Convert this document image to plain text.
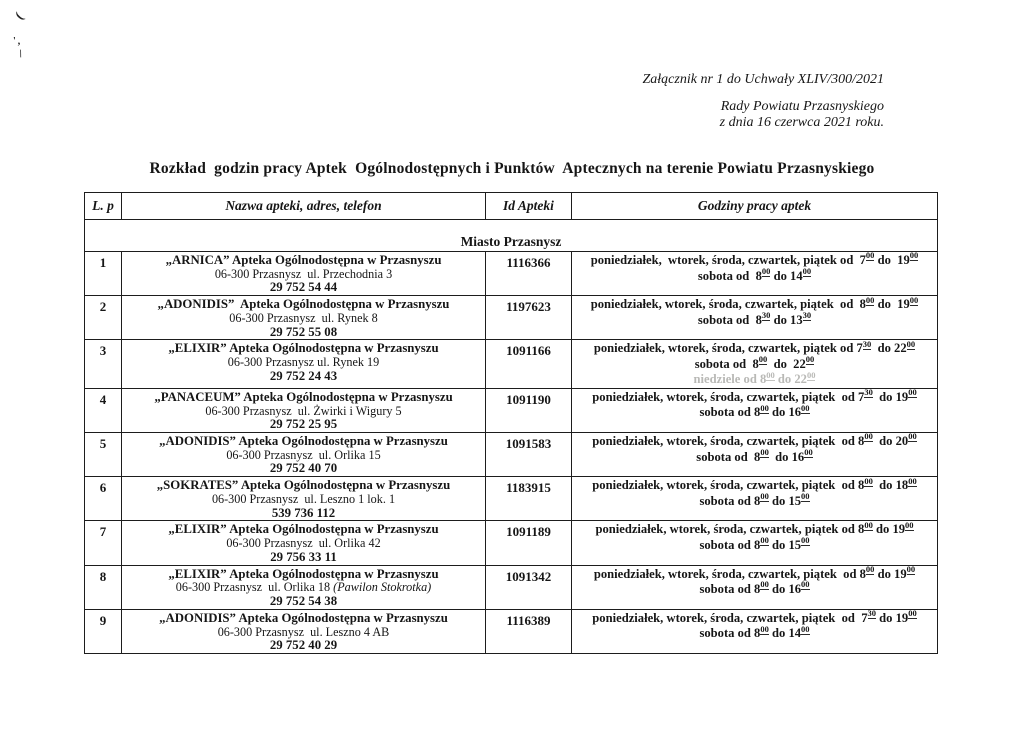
(
',
\
Załącznik nr 1 do Uchwały XLIV/300/2021
Rady Powiatu Przasnyskiego
z dnia 16 czerwca 2021 roku.
Rozkład  godzin pracy Aptek  Ogólnodostępnych i Punktów  Aptecznych na terenie Powiatu Przasnyskiego
L. p	Nazwa apteki, adres, telefon	Id Apteki	Godziny pracy aptek
Miasto Przasnysz			
1	„ARNICA” Apteka Ogólnodostępna w Przasnyszu
06-300 Przasnysz  ul. Przechodnia 3
29 752 54 44
	1116366	poniedziałek,  wtorek, środa, czwartek, piątek od  $7^{00}$ do  $19^{00}$
sobota od  $8^{00}$ do $14^{00}$

2	„ADONIDIS”  Apteka Ogólnodostępna w Przasnyszu
06-300 Przasnysz  ul. Rynek 8
29 752 55 08
	1197623	poniedziałek, wtorek, środa, czwartek, piątek  od  $8^{00}$ do  $19^{00}$
sobota od  $8^{30}$ do $13^{30}$

3	„ELIXIR” Apteka Ogólnodostępna w Przasnyszu
06-300 Przasnysz ul. Rynek 19
29 752 24 43
	1091166	poniedziałek, wtorek, środa, czwartek, piątek od $7^{30}$  do $22^{00}$
sobota od  $8^{00}$  do  $22^{00}$
niedziele od $8^{00}$ do $22^{00}$

4	„PANACEUM” Apteka Ogólnodostępna w Przasnyszu
06-300 Przasnysz  ul. Żwirki i Wigury 5
29 752 25 95
	1091190	poniedziałek, wtorek, środa, czwartek, piątek  od $7^{30}$  do $19^{00}$
sobota od $8^{00}$ do $16^{00}$

5	„ADONIDIS” Apteka Ogólnodostępna w Przasnyszu
06-300 Przasnysz  ul. Orlika 15
29 752 40 70
	1091583	poniedziałek, wtorek, środa, czwartek, piątek  od $8^{00}$  do $20^{00}$
sobota od  $8^{00}$  do $16^{00}$

6	„SOKRATES” Apteka Ogólnodostępna w Przasnyszu
06-300 Przasnysz  ul. Leszno 1 lok. 1
539 736 112
	1183915	poniedziałek, wtorek, środa, czwartek, piątek  od $8^{00}$  do $18^{00}$
sobota od $8^{00}$ do $15^{00}$

7	„ELIXIR” Apteka Ogólnodostępna w Przasnyszu
06-300 Przasnysz  ul. Orlika 42
29 756 33 11
	1091189	poniedziałek, wtorek, środa, czwartek, piątek od $8^{00}$ do $19^{00}$
sobota od $8^{00}$ do $15^{00}$

8	„ELIXIR” Apteka Ogólnodostępna w Przasnyszu
06-300 Przasnysz  ul. Orlika 18 (Pawilon Stokrotka)
29 752 54 38
	1091342	poniedziałek, wtorek, środa, czwartek, piątek  od $8^{00}$ do $19^{00}$
sobota od $8^{00}$ do $16^{00}$

9	„ADONIDIS” Apteka Ogólnodostępna w Przasnyszu
06-300 Przasnysz  ul. Leszno 4 AB
29 752 40 29
	1116389	poniedziałek, wtorek, środa, czwartek, piątek  od  $7^{30}$ do $19^{00}$
sobota od $8^{00}$ do $14^{00}$
